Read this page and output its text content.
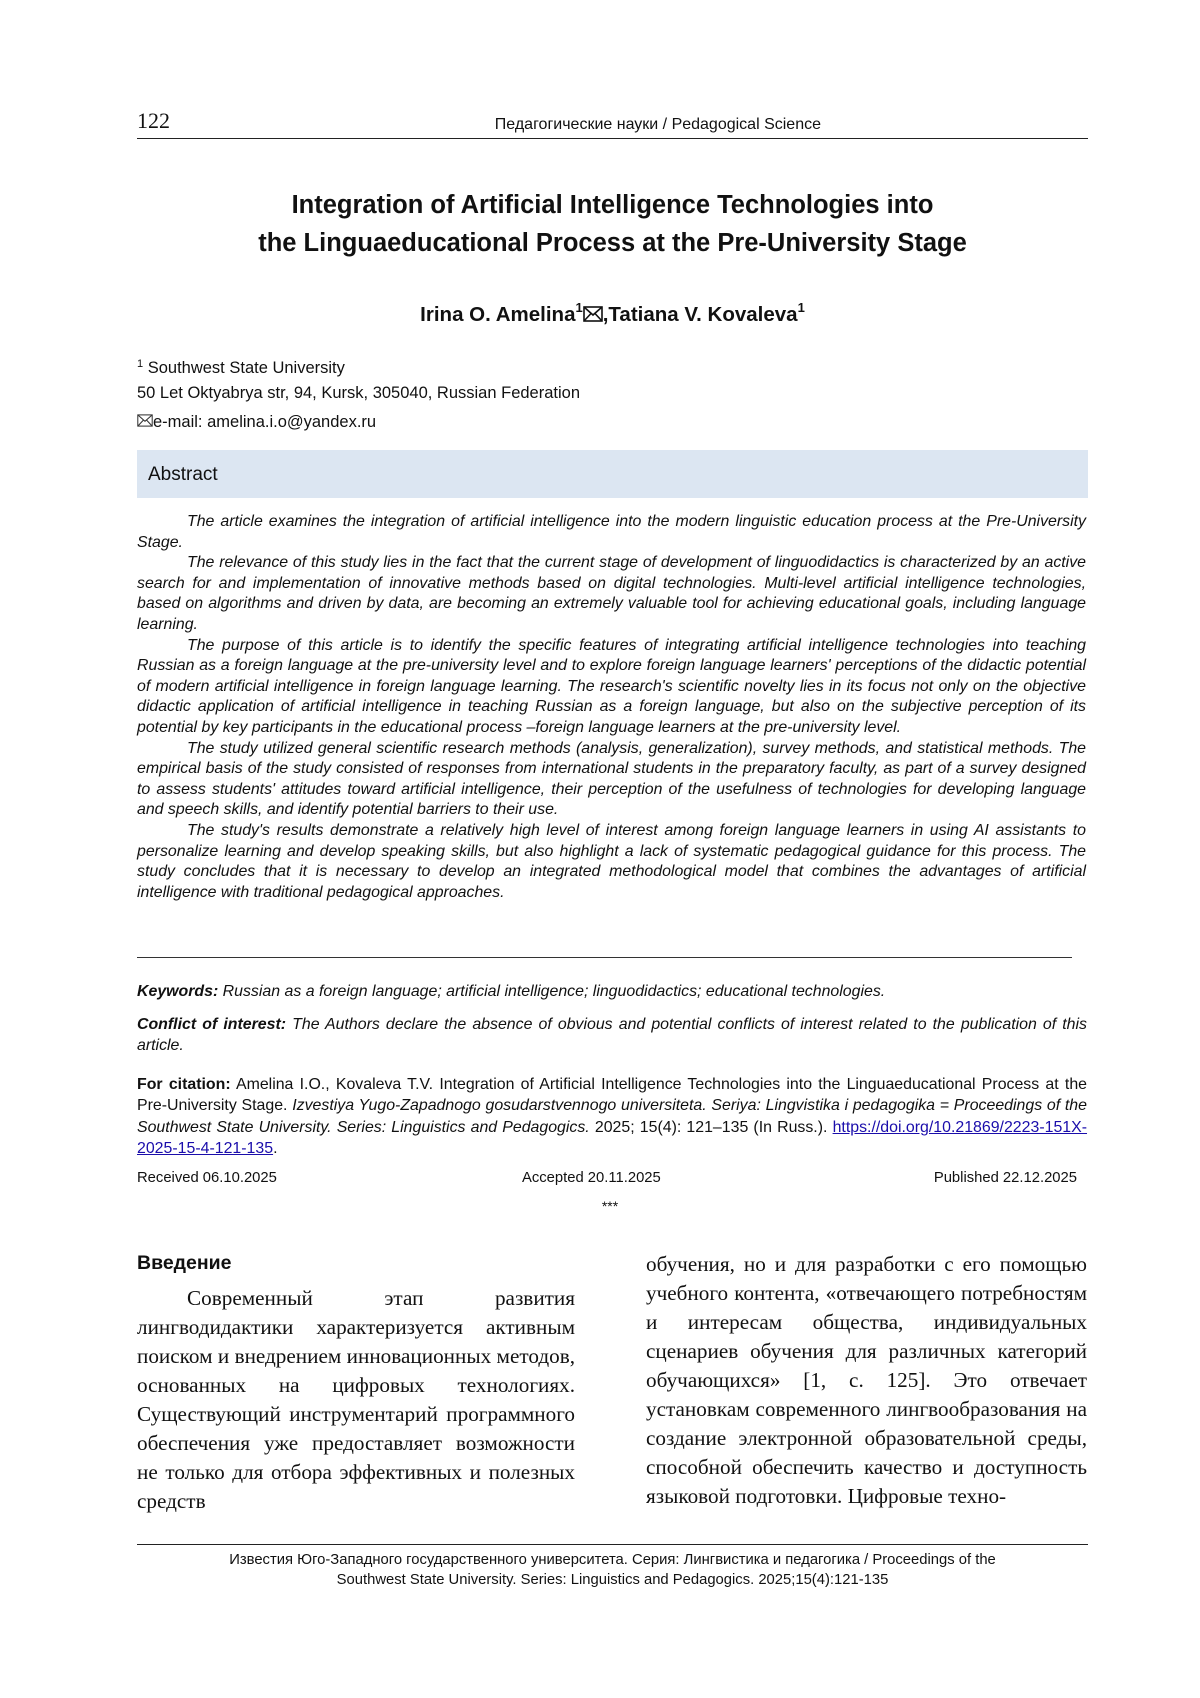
122	Педагогические науки / Pedagogical Science
Integration of Artificial Intelligence Technologies into
the Linguaeducational Process at the Pre-University Stage
Irina O. Amelina$^1$ ,Tatiana V. Kovaleva$^1$
$^1$ Southwest State University
50 Let Oktyabrya str, 94, Kursk, 305040, Russian Federation
e-mail: amelina.i.o@yandex.ru
Abstract

The article examines the integration of artificial intelligence into the modern linguistic education process at the Pre-University Stage.

The relevance of this study lies in the fact that the current stage of development of linguodidactics is characterized by an active search for and implementation of innovative methods based on digital technologies. Multi-level artificial intelligence technologies, based on algorithms and driven by data, are becoming an extremely valuable tool for achieving educational goals, including language learning.

The purpose of this article is to identify the specific features of integrating artificial intelligence technologies into teaching Russian as a foreign language at the pre-university level and to explore foreign language learners' perceptions of the didactic potential of modern artificial intelligence in foreign language learning. The research's scientific novelty lies in its focus not only on the objective didactic application of artificial intelligence in teaching Russian as a foreign language, but also on the subjective perception of its potential by key participants in the educational process –foreign language learners at the pre-university level.

The study utilized general scientific research methods (analysis, generalization), survey methods, and statistical methods. The empirical basis of the study consisted of responses from international students in the preparatory faculty, as part of a survey designed to assess students' attitudes toward artificial intelligence, their perception of the usefulness of technologies for developing language and speech skills, and identify potential barriers to their use.

The study's results demonstrate a relatively high level of interest among foreign language learners in using AI assistants to personalize learning and develop speaking skills, but also highlight a lack of systematic pedagogical guidance for this process. The study concludes that it is necessary to develop an integrated methodological model that combines the advantages of artificial intelligence with traditional pedagogical approaches.

Keywords: Russian as a foreign language; artificial intelligence; linguodidactics; educational technologies.
Conflict of interest: The Authors declare the absence of obvious and potential conflicts of interest related to the publication of this article.
For citation: Amelina I.O., Kovaleva T.V. Integration of Artificial Intelligence Technologies into the Linguaeducational Process at the Pre-University Stage. Izvestiya Yugo-Zapadnogo gosudarstvennogo universiteta. Seriya: Lingvistika i pedagogika = Proceedings of the Southwest State University. Series: Linguistics and Pedagogics. 2025; 15(4): 121–135 (In Russ.). https://doi.org/10.21869/2223-151X-2025-15-4-121-135.
Received 06.10.2025	Accepted 20.11.2025	Published 22.12.2025
***
Введение
Современный этап развития лингводидактики характеризуется активным поиском и внедрением инновационных методов, основанных на цифровых технологиях. Существующий инструментарий программного обеспечения уже предоставляет возможности не только для отбора эффективных и полезных средств
обучения, но и для разработки с его помощью учебного контента, «отвечающего потребностям и интересам общества, индивидуальных сценариев обучения для различных категорий обучающихся» [1, с. 125]. Это отвечает установкам современного лингвообразования на создание электронной образовательной среды, способной обеспечить качество и доступность языковой подготовки. Цифровые техно-
Известия Юго-Западного государственного университета. Серия: Лингвистика и педагогика / Proceedings of the
Southwest State University. Series: Linguistics and Pedagogics. 2025;15(4):121-135
